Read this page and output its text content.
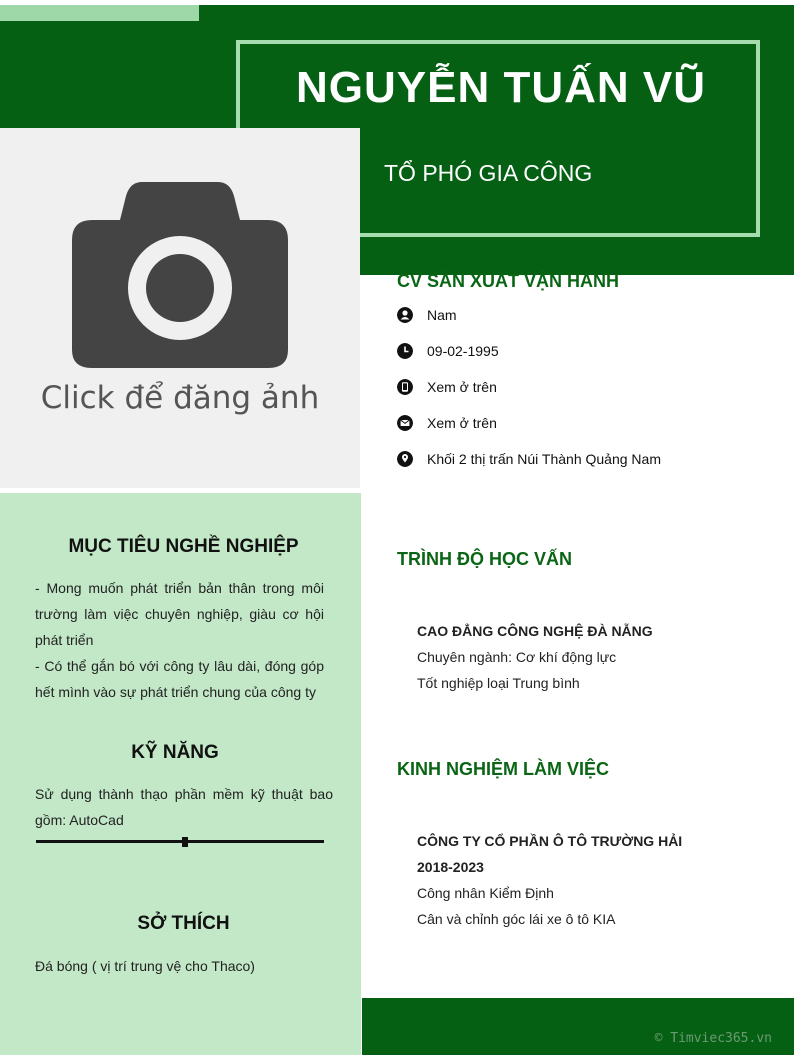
NGUYỄN TUẤN VŨ
TỔ PHÓ GIA CÔNG
Click để đăng ảnh
MỤC TIÊU NGHỀ NGHIỆP
- Mong muốn phát triển bản thân trong môi trường làm việc chuyên nghiệp, giàu cơ hội phát triển
- Có thể gắn bó với công ty lâu dài, đóng góp hết mình vào sự phát triển chung của công ty
KỸ NĂNG
Sử dụng thành thạo phần mềm kỹ thuật bao gồm: AutoCad
SỞ THÍCH
Đá bóng ( vị trí trung vệ cho Thaco)
CV SẢN XUẤT VẬN HÀNH
Nam
09-02-1995
Xem ở trên
Xem ở trên
Khối 2 thị trấn Núi Thành Quảng Nam
TRÌNH ĐỘ HỌC VẤN
CAO ĐẲNG CÔNG NGHỆ ĐÀ NẴNG
Chuyên ngành: Cơ khí động lực
Tốt nghiệp loại Trung bình
KINH NGHIỆM LÀM VIỆC
CÔNG TY CỔ PHẦN Ô TÔ TRƯỜNG HẢI
2018-2023
Công nhân Kiểm Định
Cân và chỉnh góc lái xe ô tô KIA
© Timviec365.vn
